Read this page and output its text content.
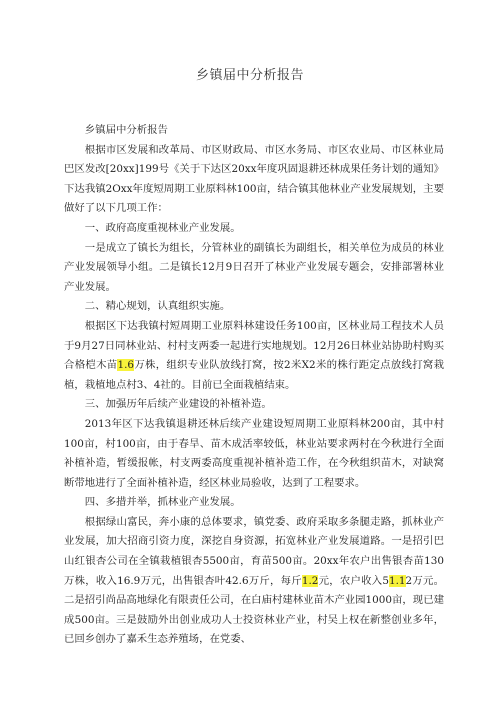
乡镇届中分析报告

乡镇届中分析报告

根据市区发展和改革局、市区财政局、市区水务局、市区农业局、市区林业局巴区发改[20xx]199号《关于下达区20xx年度巩固退耕还林成果任务计划的通知》下达我镇2Oxx年度短周期工业原料林100亩，结合镇其他林业产业发展规划，主要做好了以下几项工作：

一、政府高度重视林业产业发展。

一是成立了镇长为组长，分管林业的副镇长为副组长，相关单位为成员的林业产业发展领导小组。二是镇长12月9日召开了林业产业发展专题会，安排部署林业产业发展。

二、精心规划，认真组织实施。

根据区下达我镇村短周期工业原料林建设任务100亩，区林业局工程技术人员于9月27日同林业站、村村支两委一起进行实地规划。12月26日林业站协助村购买合格桤木苗1.6万株，组织专业队放线打窝，按2米X2米的株行距定点放线打窝栽植，栽植地点村3、4社的。目前已全面栽植结束。

三、加强历年后续产业建设的补植补造。

2013年区下达我镇退耕还林后续产业建设短周期工业原料林200亩，其中村100亩，村100亩，由于春旱、苗木成活率较低，林业站要求两村在今秋进行全面补植补造，暂缓报帐，村支两委高度重视补植补造工作，在今秋组织苗木，对缺窝断带地进行了全面补植补造，经区林业局验收，达到了工程要求。

四、多措并举，抓林业产业发展。

根据绿山富民，奔小康的总体要求，镇党委、政府采取多条腿走路，抓林业产业发展，加大招商引资力度，深挖自身资源，拓宽林业产业发展道路。一是招引巴山红银杏公司在全镇栽植银杏5500亩，育苗500亩。20xx年农户出售银杏苗130万株，收入16.9万元，出售银杏叶42.6万斤，每斤1.2元，农户收入51.12万元。二是招引尚品高地绿化有限责任公司，在白庙村建林业苗木产业园1000亩，现已建成500亩。三是鼓励外出创业成功人士投资林业产业，村吴上权在新整创业多年，已回乡创办了嘉禾生态养殖场，在党委、
